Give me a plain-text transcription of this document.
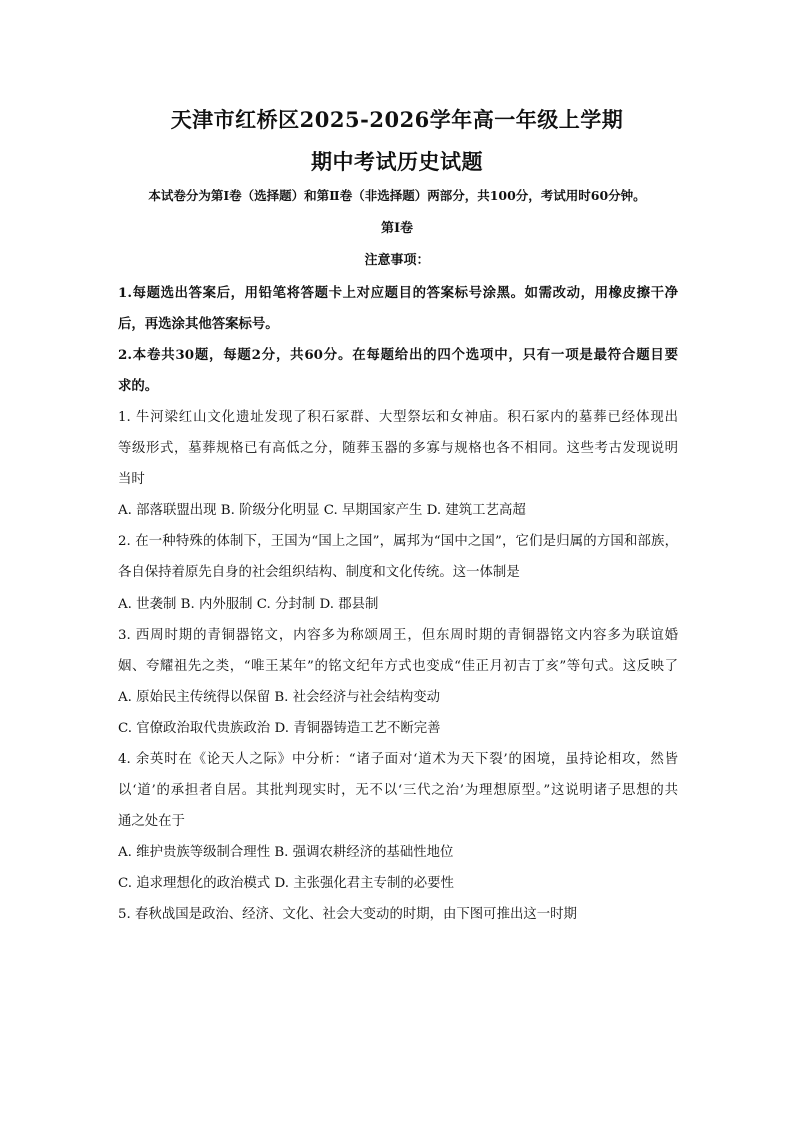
天津市红桥区2025-2026学年高一年级上学期
期中考试历史试题
本试卷分为第Ⅰ卷（选择题）和第Ⅱ卷（非选择题）两部分，共100分，考试用时60分钟。
第Ⅰ卷
注意事项：
1.每题选出答案后，用铅笔将答题卡上对应题目的答案标号涂黑。如需改动，用橡皮擦干净
后，再选涂其他答案标号。
2.本卷共30题，每题2分，共60分。在每题给出的四个选项中，只有一项是最符合题目要
求的。
1. 牛河梁红山文化遗址发现了积石冢群、大型祭坛和女神庙。积石冢内的墓葬已经体现出
等级形式，墓葬规格已有高低之分，随葬玉器的多寡与规格也各不相同。这些考古发现说明
当时
A. 部落联盟出现 B. 阶级分化明显 C. 早期国家产生 D. 建筑工艺高超
2. 在一种特殊的体制下，王国为“国上之国”，属邦为“国中之国”，它们是归属的方国和部族，
各自保持着原先自身的社会组织结构、制度和文化传统。这一体制是
A. 世袭制 B. 内外服制 C. 分封制 D. 郡县制
3. 西周时期的青铜器铭文，内容多为称颂周王，但东周时期的青铜器铭文内容多为联谊婚
姻、夸耀祖先之类，“唯王某年”的铭文纪年方式也变成“佳正月初吉丁亥”等句式。这反映了
A. 原始民主传统得以保留 B. 社会经济与社会结构变动
C. 官僚政治取代贵族政治 D. 青铜器铸造工艺不断完善
4. 余英时在《论天人之际》中分析：“诸子面对‘道术为天下裂’的困境，虽持论相攻，然皆
以‘道’的承担者自居。其批判现实时，无不以‘三代之治’为理想原型。”这说明诸子思想的共
通之处在于
A. 维护贵族等级制合理性 B. 强调农耕经济的基础性地位
C. 追求理想化的政治模式 D. 主张强化君主专制的必要性
5. 春秋战国是政治、经济、文化、社会大变动的时期，由下图可推出这一时期
